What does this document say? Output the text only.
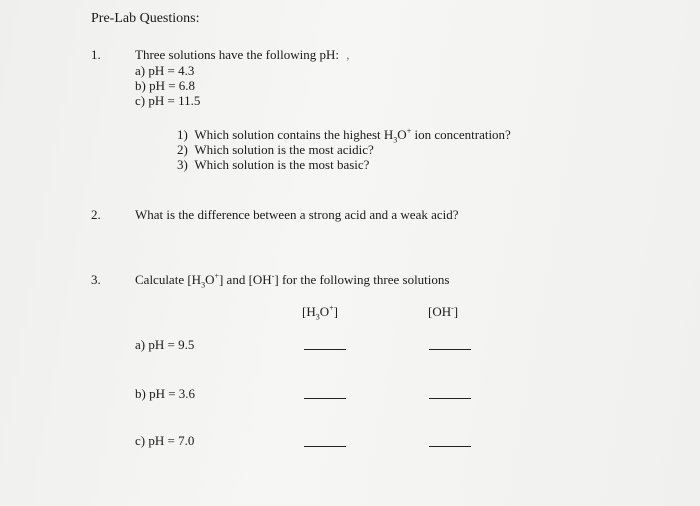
Pre-Lab Questions:
1.	Three solutions have the following pH: ,
a) pH = 4.3
b) pH = 6.8
c) pH = 11.5
1) Which solution contains the highest $H_3O^+$ ion concentration?
2) Which solution is the most acidic?
3) Which solution is the most basic?
2.	What is the difference between a strong acid and a weak acid?
3.	Calculate $[H_3O^+]$ and [OH-] for the following three solutions
$[H_3O^+]$	[OH-]
a) pH = 9.5
b) pH = 3.6
c) pH = 7.0
